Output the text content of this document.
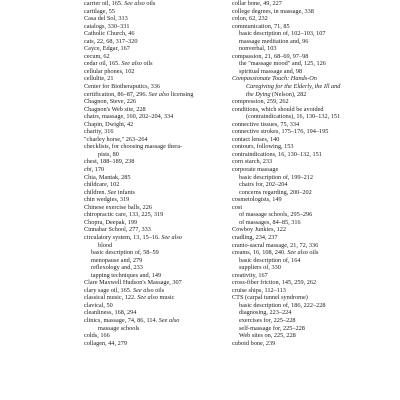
carrier oil, 165. See also oils
cartilage, 55
Casa del Sol, 313
catalogs, 330–331
Catholic Church, 46
cats, 22, 68, 317–320
Cayce, Edgar, 167
cecum, 62
cedar oil, 165. See also oils
cellular phones, 102
cellulite, 21
Center for Biotheraputics, 336
certification, 86–87, 296. See also licensing
Chagnon, Steve, 226
Chagnon's Web site, 228
chairs, massage, 160, 202–204, 334
Chapin, Dwight, 42
charity, 316
"charley horse," 263–264
checklists, for choosing massage thera-
pists, 80
chest, 188–189, 238
chi, 170
Chia, Mantak, 285
childcare, 102
children. See infants
chin wedgies, 319
Chinese exercise balls, 226
chiropractic care, 133, 225, 319
Chopra, Deepak, 199
Cinnabar School, 277, 333
circulatory system, 13, 15–16. See also
blood
basic description of, 58–59
menopause and, 279
reflexology and, 233
tapping techniques and, 149
Clare Maxwell Hudson's Massage, 307
clary sage oil, 165. See also oils
classical music, 122. See also music
clavical, 50
cleanliness, 168, 294
clinics, massage, 74, 86, 114. See also
massage schools
colds, 166
collagen, 44, 279
collar bone, 49, 227
college degrees, in massage, 338
colon, 62, 232
communication, 71, 85
basic description of, 102–103, 107
massage meditation and, 96
nonverbal, 103
compassion, 21, 68–69, 97–98
the "massage mood" and, 125, 126
spiritual massage and, 98
Compassionate Touch: Hands-On
Caregiving for the Elderly, the Ill and
the Dying (Nelson), 282
compression, 259, 262
conditions, which should be avoided
(contraindications), 16, 130–132, 151
connective tissues, 75, 334
connective strokes, 175–176, 194–195
contact lenses, 140
contours, following, 153
contraindications, 16, 130–132, 151
corn starch, 233
corporate massage
basic description of, 199–212
chairs for, 202–204
concerns regarding, 200–202
cosmetologists, 149
cost
of massage schools, 295–296
of massages, 84–85, 316
Cowboy Junkies, 122
cradling, 234, 237
cranio-sacral massage, 21, 72, 336
creams, 16, 108, 240. See also oils
basic description of, 164
suppliers of, 330
creativity, 167
cross-fiber friction, 145, 259, 262
cruise ships, 112–113
CTS (carpal tunnel syndrome)
basic description of, 186, 222–228
diagnosing, 223–224
exercises for, 225–228
self-massage for, 225–228
Web sites on, 225, 228
cuboid bone, 239
